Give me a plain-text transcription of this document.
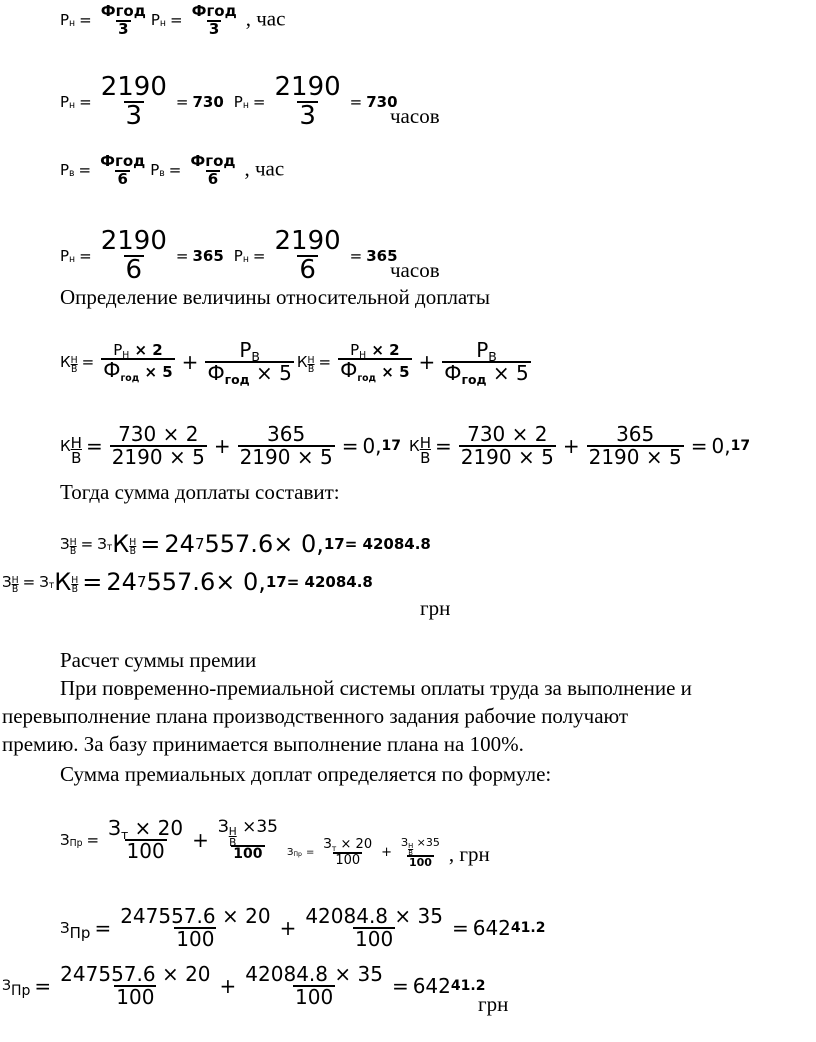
Р $н = \frac{\text{Фгод}}{3}$ Р $н = \frac{\text{Фгод}}{3}$ , час
Р $н = \frac{2190}{3} = 730$ Р $н = \frac{2190}{3} = 730$
часов
Р $в = \frac{\text{Фгод}}{6}$ Р $в = \frac{\text{Фгод}}{6}$ , час
Р $н = \frac{2190}{6} = 365$ Р $н = \frac{2190}{6} = 365$
часов
Определение величины относительной доплаты
К Н
$В = \frac{Р_Н \times 2}{Ф_{год} \times 5} + \frac{Р_В}{Ф_{год} \times 5}$ К Н
$В = \frac{Р_Н \times 2}{Ф_{год} \times 5} + \frac{Р_В}{Ф_{год} \times 5}$
К Н
В
= $\frac{730 \times 2}{2190 \times 5} + \frac{365}{2190 \times 5} = 0$, 17 К Н
В
= $\frac{730 \times 2}{2190 \times 5} + \frac{365}{2190 \times 5} = 0$, 17
Тогда сумма доплаты составит:
З Н
В = З т К Н
В = 24 7 557.6 × 0, 17 = 42084.8
З Н
В = З т К Н
В = 24 7 557.6 × 0, 17 = 42084.8
грн
Расчет суммы премии
При повременно-премиальной системы оплаты труда за выполнение и
перевыполнение плана производственного задания рабочие получают
премию. За базу принимается выполнение плана на 100%.
Сумма премиальных доплат определяется по формуле:
З Пр = $\frac{З_т \times 20}{100} + З$ Н
В
×35
100
З Пр = $\frac{З_т \times 20}{100} + З$ Н
В
×35
100 , грн
З Пр = $\frac{247557.6 \times 20}{100} + \frac{42084.8 \times 35}{100} = 642$ 41.2
З Пр = $\frac{247557.6 \times 20}{100} + \frac{42084.8 \times 35}{100} = 642$ 41.2
грн
